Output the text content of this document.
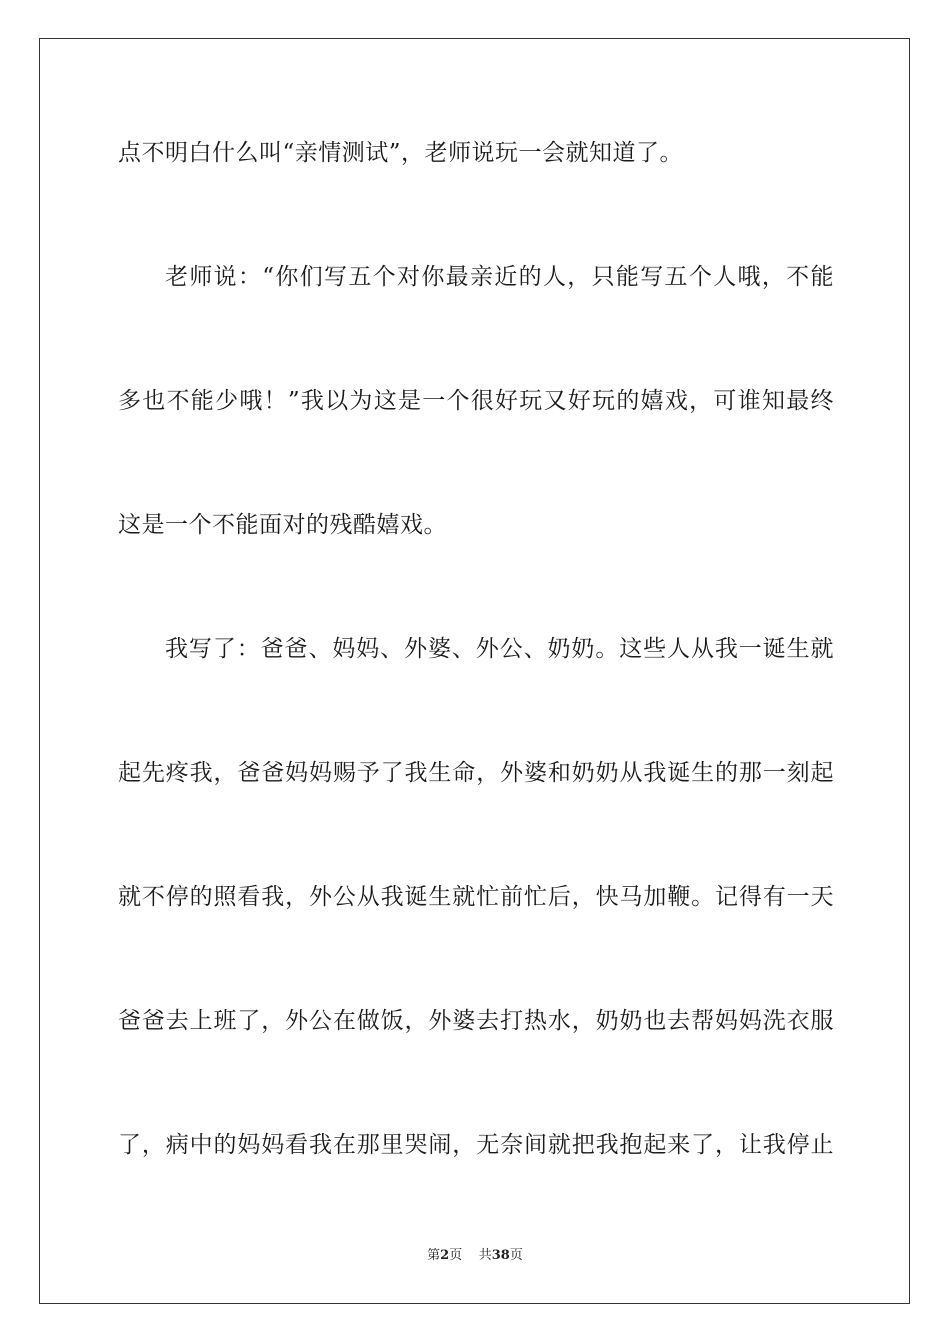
点不明白什么叫“亲情测试”，老师说玩一会就知道了。
老师说：“你们写五个对你最亲近的人，只能写五个人哦，不能
多也不能少哦！”我以为这是一个很好玩又好玩的嬉戏，可谁知最终
这是一个不能面对的残酷嬉戏。
我写了：爸爸、妈妈、外婆、外公、奶奶。这些人从我一诞生就
起先疼我，爸爸妈妈赐予了我生命，外婆和奶奶从我诞生的那一刻起
就不停的照看我，外公从我诞生就忙前忙后，快马加鞭。记得有一天
爸爸去上班了，外公在做饭，外婆去打热水，奶奶也去帮妈妈洗衣服
了，病中的妈妈看我在那里哭闹，无奈间就把我抱起来了，让我停止
第2页 共38页
